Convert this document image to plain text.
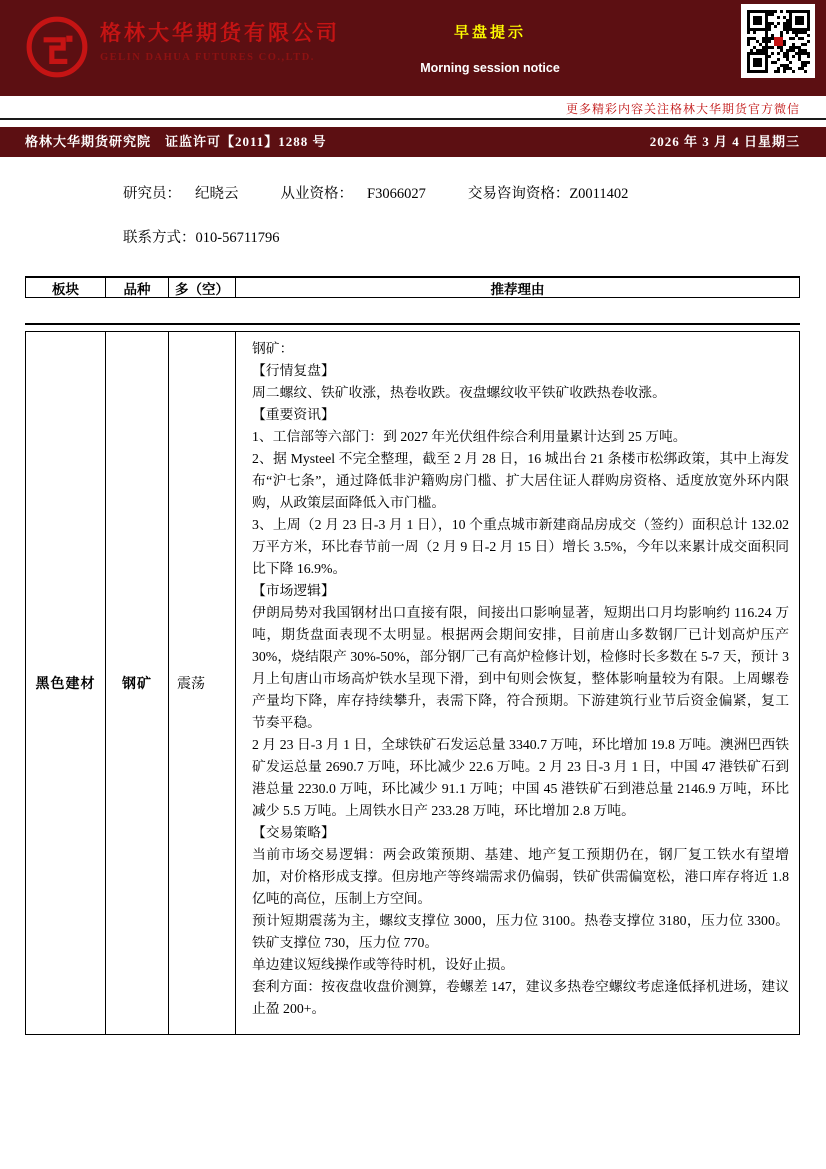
格林大华期货有限公司
GELIN DAHUA FUTURES CO.,LTD.
早盘提示
Morning session notice
更多精彩内容关注格林大华期货官方微信
格林大华期货研究院　证监许可【2011】1288 号	2026 年 3 月 4 日星期三
研究员： 纪晓云	从业资格： F3066027	交易咨询资格： Z0011402
联系方式：010-56711796
板块	品种	多（空）	推荐理由
黑色建材	钢矿	震荡
钢矿：
【行情复盘】
周二螺纹、铁矿收涨，热卷收跌。夜盘螺纹收平铁矿收跌热卷收涨。
【重要资讯】
1、工信部等六部门：到 2027 年光伏组件综合利用量累计达到 25 万吨。
2、据 Mysteel 不完全整理，截至 2 月 28 日，16 城出台 21 条楼市松绑政策，其中上海发布“沪七条”，通过降低非沪籍购房门槛、扩大居住证人群购房资格、适度放宽外环内限购，从政策层面降低入市门槛。
3、上周（2 月 23 日-3 月 1 日），10 个重点城市新建商品房成交（签约）面积总计 132.02 万平方米，环比春节前一周（2 月 9 日-2 月 15 日）增长 3.5%，今年以来累计成交面积同比下降 16.9%。
【市场逻辑】
伊朗局势对我国钢材出口直接有限，间接出口影响显著，短期出口月均影响约 116.24 万吨，期货盘面表现不太明显。根据两会期间安排，目前唐山多数钢厂已计划高炉压产 30%，烧结限产 30%-50%，部分钢厂己有高炉检修计划，检修时长多数在 5-7 天，预计 3 月上旬唐山市场高炉铁水呈现下滑，到中旬则会恢复，整体影响量较为有限。上周螺卷产量均下降，库存持续攀升，表需下降，符合预期。下游建筑行业节后资金偏紧，复工节奏平稳。
2 月 23 日-3 月 1 日，全球铁矿石发运总量 3340.7 万吨，环比增加 19.8 万吨。澳洲巴西铁矿发运总量 2690.7 万吨，环比减少 22.6 万吨。2 月 23 日-3 月 1 日，中国 47 港铁矿石到港总量 2230.0 万吨，环比减少 91.1 万吨；中国 45 港铁矿石到港总量 2146.9 万吨，环比减少 5.5 万吨。上周铁水日产 233.28 万吨，环比增加 2.8 万吨。
【交易策略】
当前市场交易逻辑：两会政策预期、基建、地产复工预期仍在，钢厂复工铁水有望增加，对价格形成支撑。但房地产等终端需求仍偏弱，铁矿供需偏宽松，港口库存将近 1.8 亿吨的高位，压制上方空间。
预计短期震荡为主，螺纹支撑位 3000，压力位 3100。热卷支撑位 3180，压力位 3300。铁矿支撑位 730，压力位 770。
单边建议短线操作或等待时机，设好止损。
套利方面：按夜盘收盘价测算，卷螺差 147，建议多热卷空螺纹考虑逢低择机进场，建议止盈 200+。
